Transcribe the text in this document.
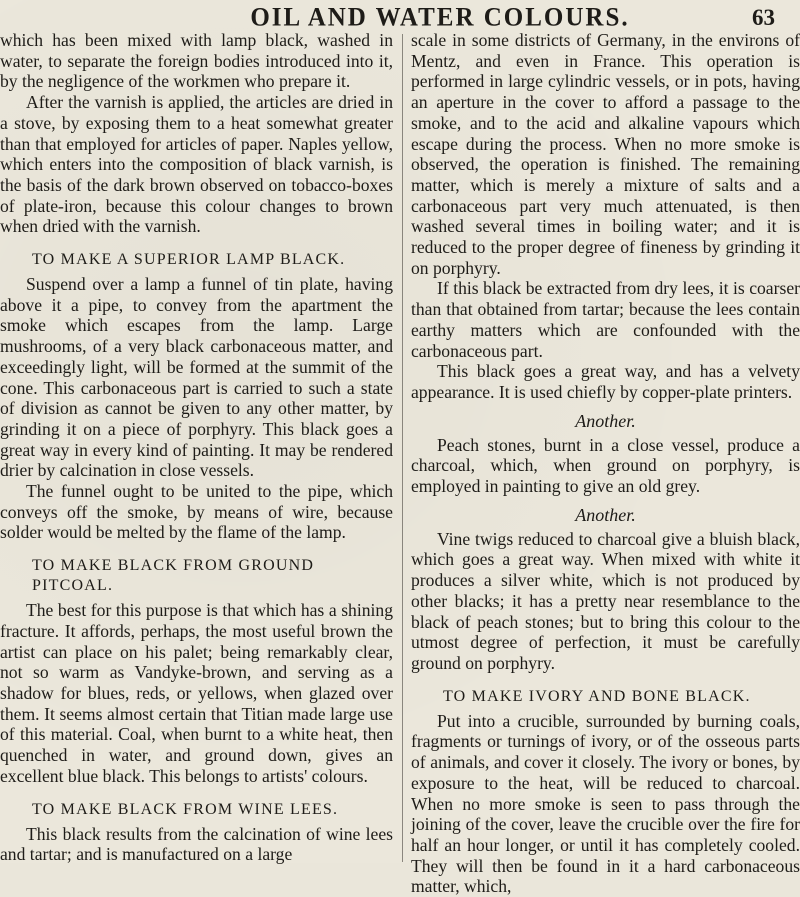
OIL AND WATER COLOURS.	63

which has been mixed with lamp black, washed in water, to separate the foreign bodies introduced into it, by the negligence of the workmen who prepare it.

After the varnish is applied, the articles are dried in a stove, by exposing them to a heat somewhat greater than that employed for articles of paper. Naples yellow, which enters into the composition of black varnish, is the basis of the dark brown observed on tobacco-boxes of plate-iron, because this colour changes to brown when dried with the varnish.

TO MAKE A SUPERIOR LAMP BLACK.

Suspend over a lamp a funnel of tin plate, having above it a pipe, to convey from the apartment the smoke which escapes from the lamp. Large mushrooms, of a very black carbonaceous matter, and exceedingly light, will be formed at the summit of the cone. This carbonaceous part is carried to such a state of division as cannot be given to any other matter, by grinding it on a piece of porphyry. This black goes a great way in every kind of painting. It may be rendered drier by calcination in close vessels.

The funnel ought to be united to the pipe, which conveys off the smoke, by means of wire, because solder would be melted by the flame of the lamp.

TO MAKE BLACK FROM GROUND PITCOAL.

The best for this purpose is that which has a shining fracture. It affords, perhaps, the most useful brown the artist can place on his palet; being remarkably clear, not so warm as Vandyke-brown, and serving as a shadow for blues, reds, or yellows, when glazed over them. It seems almost certain that Titian made large use of this material. Coal, when burnt to a white heat, then quenched in water, and ground down, gives an excellent blue black. This belongs to artists' colours.

TO MAKE BLACK FROM WINE LEES.

This black results from the calcination of wine lees and tartar; and is manufactured on a large

scale in some districts of Germany, in the environs of Mentz, and even in France. This operation is performed in large cylindric vessels, or in pots, having an aperture in the cover to afford a passage to the smoke, and to the acid and alkaline vapours which escape during the process. When no more smoke is observed, the operation is finished. The remaining matter, which is merely a mixture of salts and a carbonaceous part very much attenuated, is then washed several times in boiling water; and it is reduced to the proper degree of fineness by grinding it on porphyry.

If this black be extracted from dry lees, it is coarser than that obtained from tartar; because the lees contain earthy matters which are confounded with the carbonaceous part.

This black goes a great way, and has a velvety appearance. It is used chiefly by copper-plate printers.

Another.

Peach stones, burnt in a close vessel, produce a charcoal, which, when ground on porphyry, is employed in painting to give an old grey.

Another.

Vine twigs reduced to charcoal give a bluish black, which goes a great way. When mixed with white it produces a silver white, which is not produced by other blacks; it has a pretty near resemblance to the black of peach stones; but to bring this colour to the utmost degree of perfection, it must be carefully ground on porphyry.

TO MAKE IVORY AND BONE BLACK.

Put into a crucible, surrounded by burning coals, fragments or turnings of ivory, or of the osseous parts of animals, and cover it closely. The ivory or bones, by exposure to the heat, will be reduced to charcoal. When no more smoke is seen to pass through the joining of the cover, leave the crucible over the fire for half an hour longer, or until it has completely cooled. They will then be found in it a hard carbonaceous matter, which,
